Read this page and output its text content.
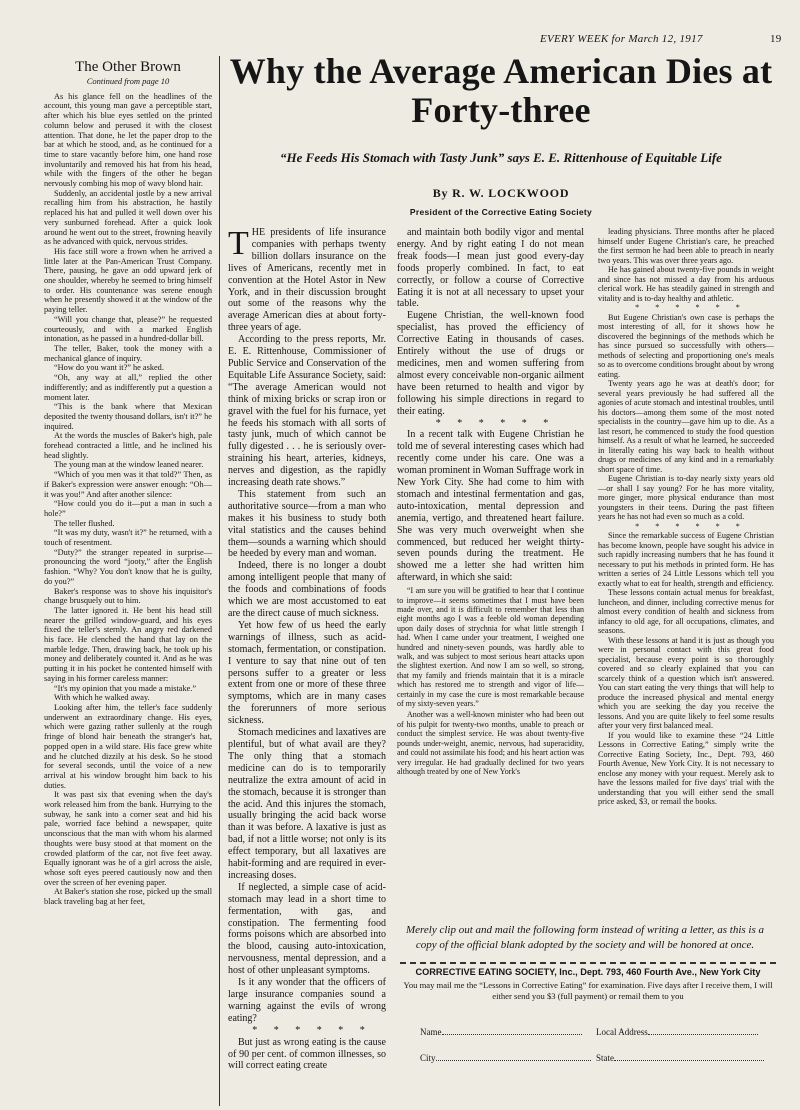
EVERY WEEK for March 12, 1917	19
The Other Brown
Continued from page 10

As his glance fell on the headlines of the account, this young man gave a perceptible start, after which his blue eyes settled on the printed column below and perused it with the closest attention. That done, he let the paper drop to the bar at which he stood, and, as he continued for a time to stare vacantly before him, one hand rose involuntarily and removed his hat from his head, while with the fingers of the other he began nervously combing his mop of wavy blond hair.

Suddenly, an accidental jostle by a new arrival recalling him from his abstraction, he hastily replaced his hat and pulled it well down over his very sunburned forehead. After a quick look around he went out to the street, frowning heavily as he advanced with quick, nervous strides.

His face still wore a frown when he arrived a little later at the Pan-American Trust Company. There, pausing, he gave an odd upward jerk of one shoulder, whereby he seemed to bring himself to order. His countenance was serene enough when he presently showed it at the window of the paying teller.

“Will you change that, please?” he requested courteously, and with a marked English intonation, as he passed in a hundred-dollar bill.

The teller, Baker, took the money with a mechanical glance of inquiry.

“How do you want it?” he asked.

“Oh, any way at all,” replied the other indifferently; and as indifferently put a question a moment later.

“This is the bank where that Mexican deposited the twenty thousand dollars, isn't it?” he inquired.

At the words the muscles of Baker's high, pale forehead contracted a little, and he inclined his head slightly.

The young man at the window leaned nearer.

“Which of you men was it that told?” Then, as if Baker's expression were answer enough: “Oh—it was you!” And after another silence:

“How could you do it—put a man in such a hole?”

The teller flushed.

“It was my duty, wasn't it?” he returned, with a touch of resentment.

“Duty?” the stranger repeated in surprise—pronouncing the word “jooty,” after the English fashion. “Why? You don't know that he is guilty, do you?”

Baker's response was to shove his inquisitor's change brusquely out to him.

The latter ignored it. He bent his head still nearer the grilled window-guard, and his eyes fixed the teller's sternly. An angry red darkened his face. He clenched the hand that lay on the marble ledge. Then, drawing back, he took up his money and deliberately counted it. And as he was putting it in his pocket he contented himself with saying in his former careless manner:

“It's my opinion that you made a mistake.”

With which he walked away.

Looking after him, the teller's face suddenly underwent an extraordinary change. His eyes, which were gazing rather sullenly at the rough fringe of blond hair beneath the stranger's hat, popped open in a wild stare. His face grew white and he clutched dizzily at his desk. So he stood for several seconds, until the voice of a new arrival at his window brought him back to his duties.

It was past six that evening when the day's work released him from the bank. Hurrying to the subway, he sank into a corner seat and hid his pale, worried face behind a newspaper, quite unconscious that the man with whom his alarmed thoughts were busy stood at that moment on the crowded platform of the car, not five feet away. Equally ignorant was he of a girl across the aisle, whose soft eyes peered cautiously now and then over the screen of her evening paper.

At Baker's station she rose, picked up the small black traveling bag at her feet,

Why the Average American Dies at Forty-three
“He Feeds His Stomach with Tasty Junk” says E. E. Rittenhouse of Equitable Life
By R. W. LOCKWOOD
President of the Corrective Eating Society

THE presidents of life insurance companies with perhaps twenty billion dollars insurance on the lives of Americans, recently met in convention at the Hotel Astor in New York, and in their discussion brought out some of the reasons why the average American dies at about forty-three years of age.

According to the press reports, Mr. E. E. Rittenhouse, Commissioner of Public Service and Conservation of the Equitable Life Assurance Society, said: “The average American would not think of mixing bricks or scrap iron or gravel with the fuel for his furnace, yet he feeds his stomach with all sorts of tasty junk, much of which cannot be fully digested . . . he is seriously over-straining his heart, arteries, kidneys, nerves and digestion, as the rapidly increasing death rate shows.”

This statement from such an authoritative source—from a man who makes it his business to study both vital statistics and the causes behind them—sounds a warning which should be heeded by every man and woman.

Indeed, there is no longer a doubt among intelligent people that many of the foods and combinations of foods which we are most accustomed to eat are the direct cause of much sickness.

Yet how few of us heed the early warnings of illness, such as acid-stomach, fermentation, or constipation. I venture to say that nine out of ten persons suffer to a greater or less extent from one or more of these three symptoms, which are in many cases the forerunners of more serious sickness.

Stomach medicines and laxatives are plentiful, but of what avail are they? The only thing that a stomach medicine can do is to temporarily neutralize the extra amount of acid in the stomach, because it is stronger than the acid. And this injures the stomach, usually bringing the acid back worse than it was before. A laxative is just as bad, if not a little worse; not only is its effect temporary, but all laxatives are habit-forming and are required in ever-increasing doses.

If neglected, a simple case of acid-stomach may lead in a short time to fermentation, with gas, and constipation. The fermenting food forms poisons which are absorbed into the blood, causing auto-intoxication, nervousness, mental depression, and a host of other unpleasant symptoms.

Is it any wonder that the officers of large insurance companies sound a warning against the evils of wrong eating?

* * * * * *

But just as wrong eating is the cause of 90 per cent. of common illnesses, so will correct eating create

and maintain both bodily vigor and mental energy. And by right eating I do not mean freak foods—I mean just good every-day foods properly combined. In fact, to eat correctly, or follow a course of Corrective Eating it is not at all necessary to upset your table.

Eugene Christian, the well-known food specialist, has proved the efficiency of Corrective Eating in thousands of cases. Entirely without the use of drugs or medicines, men and women suffering from almost every conceivable non-organic ailment have been returned to health and vigor by following his simple directions in regard to their eating.

* * * * * *

In a recent talk with Eugene Christian he told me of several interesting cases which had recently come under his care. One was a woman prominent in Woman Suffrage work in New York City. She had come to him with stomach and intestinal fermentation and gas, auto-intoxication, mental depression and anemia, vertigo, and threatened heart failure. She was very much overweight when she commenced, but reduced her weight thirty-seven pounds during the treatment. He showed me a letter she had written him afterward, in which she said:

“I am sure you will be gratified to hear that I continue to improve—it seems sometimes that I must have been made over, and it is difficult to remember that less than eight months ago I was a feeble old woman depending upon daily doses of strychnia for what little strength I had. When I came under your treatment, I weighed one hundred and ninety-seven pounds, was hardly able to walk, and was subject to most serious heart attacks upon the slightest exertion. And now I am so well, so strong, that my family and friends maintain that it is a miracle which has restored me to strength and vigor of life—certainly in my case the cure is most remarkable because of my sixty-seven years.”

Another was a well-known minister who had been out of his pulpit for twenty-two months, unable to preach or conduct the simplest service. He was about twenty-five pounds under-weight, anemic, nervous, had superacidity, and could not assimilate his food; and his heart action was very irregular. He had gradually declined for two years although treated by one of New York's

leading physicians. Three months after he placed himself under Eugene Christian's care, he preached the first sermon he had been able to preach in nearly two years. This was over three years ago.

He has gained about twenty-five pounds in weight and since has not missed a day from his arduous clerical work. He has steadily gained in strength and vitality and is to-day healthy and athletic.

* * * * * *

But Eugene Christian's own case is perhaps the most interesting of all, for it shows how he discovered the beginnings of the methods which he has since pursued so successfully with others—methods of selecting and proportioning one's meals so as to overcome conditions brought about by wrong eating.

Twenty years ago he was at death's door; for several years previously he had suffered all the agonies of acute stomach and intestinal troubles, until his doctors—among them some of the most noted specialists in the country—gave him up to die. As a last resort, he commenced to study the food question himself. As a result of what he learned, he succeeded in literally eating his way back to health without drugs or medicines of any kind and in a remarkably short space of time.

Eugene Christian is to-day nearly sixty years old—or shall I say young? For he has more vitality, more ginger, more physical endurance than most youngsters in their teens. During the past fifteen years he has not had even so much as a cold.

* * * * * *

Since the remarkable success of Eugene Christian has become known, people have sought his advice in such rapidly increasing numbers that he has found it necessary to put his methods in printed form. He has written a series of 24 Little Lessons which tell you exactly what to eat for health, strength and efficiency.

These lessons contain actual menus for breakfast, luncheon, and dinner, including corrective menus for almost every condition of health and sickness from infancy to old age, for all occupations, climates, and seasons.

With these lessons at hand it is just as though you were in personal contact with this great food specialist, because every point is so thoroughly covered and so clearly explained that you can scarcely think of a question which isn't answered. You can start eating the very things that will help to produce the increased physical and mental energy which you are seeking the day you receive the lessons. And you are quite likely to feel some results after your very first balanced meal.

If you would like to examine these “24 Little Lessons in Corrective Eating,” simply write the Corrective Eating Society, Inc., Dept. 793, 460 Fourth Avenue, New York City. It is not necessary to enclose any money with your request. Merely ask to have the lessons mailed for five days' trial with the understanding that you will either send the small price asked, $3, or remail the books.

Merely clip out and mail the following form instead of writing a letter, as this is a copy of the official blank adopted by the society and will be honored at once.
CORRECTIVE EATING SOCIETY, Inc., Dept. 793, 460 Fourth Ave., New York City
You may mail me the “Lessons in Corrective Eating” for examination. Five days after I receive them, I will either send you $3 (full payment) or remail them to you
Name	Local Address
City	State
